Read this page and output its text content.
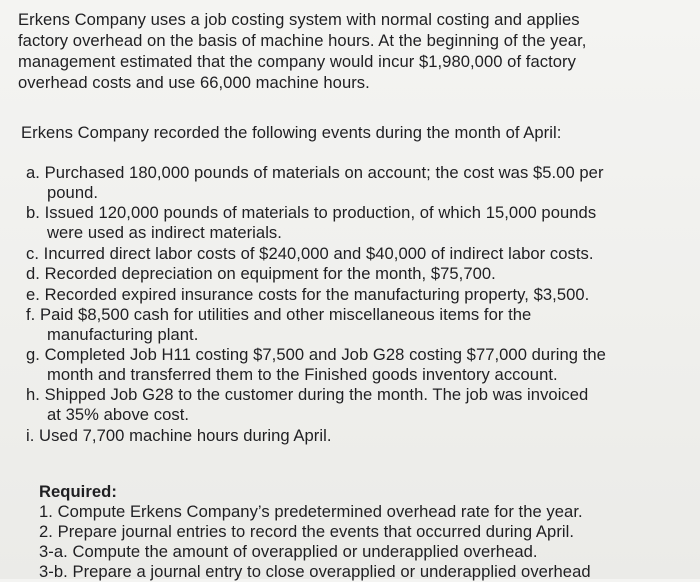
Erkens Company uses a job costing system with normal costing and applies
factory overhead on the basis of machine hours. At the beginning of the year,
management estimated that the company would incur $1,980,000 of factory
overhead costs and use 66,000 machine hours.
Erkens Company recorded the following events during the month of April:
a. Purchased 180,000 pounds of materials on account; the cost was $5.00 per
pound.
b. Issued 120,000 pounds of materials to production, of which 15,000 pounds
were used as indirect materials.
c. Incurred direct labor costs of $240,000 and $40,000 of indirect labor costs.
d. Recorded depreciation on equipment for the month, $75,700.
e. Recorded expired insurance costs for the manufacturing property, $3,500.
f. Paid $8,500 cash for utilities and other miscellaneous items for the
manufacturing plant.
g. Completed Job H11 costing $7,500 and Job G28 costing $77,000 during the
month and transferred them to the Finished goods inventory account.
h. Shipped Job G28 to the customer during the month. The job was invoiced
at 35% above cost.
i. Used 7,700 machine hours during April.
Required:
1. Compute Erkens Company’s predetermined overhead rate for the year.
2. Prepare journal entries to record the events that occurred during April.
3-a. Compute the amount of overapplied or underapplied overhead.
3-b. Prepare a journal entry to close overapplied or underapplied overhead
